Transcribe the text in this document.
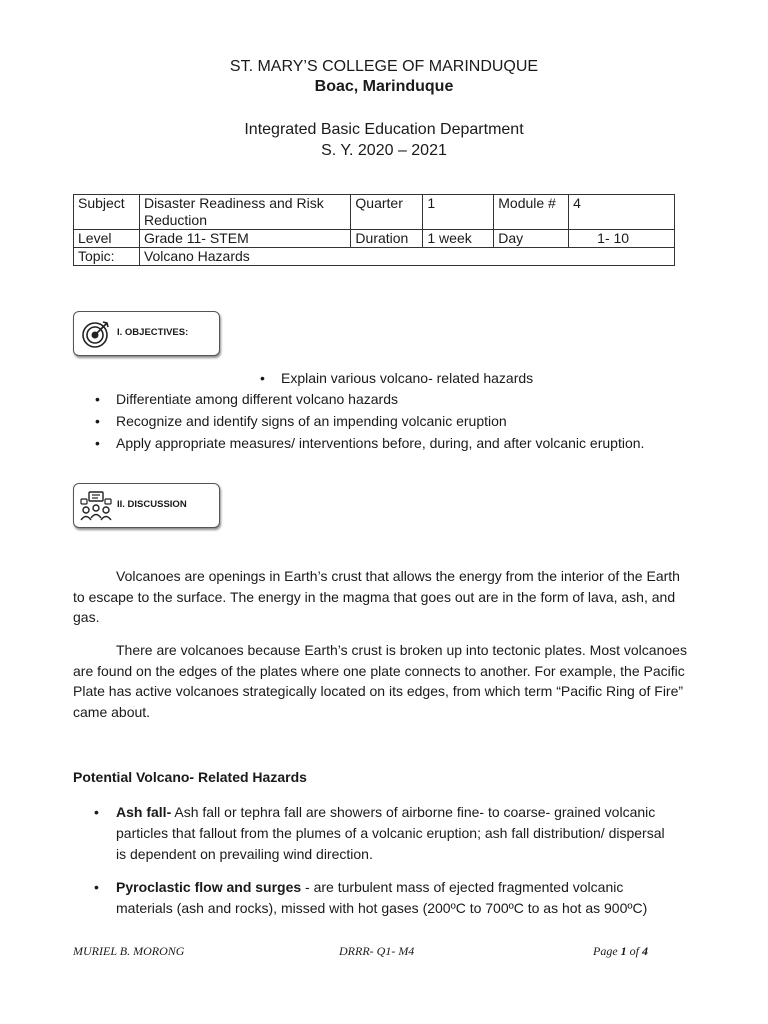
ST. MARY’S COLLEGE OF MARINDUQUE
Boac, Marinduque
Integrated Basic Education Department
S. Y. 2020 – 2021
Subject	Disaster Readiness and Risk Reduction	Quarter	1	Module #	4
Level	Grade 11- STEM	Duration	1 week	Day	1- 10
Topic:	Volcano Hazards				
I. OBJECTIVES:
• Explain various volcano- related hazards
• Differentiate among different volcano hazards
• Recognize and identify signs of an impending volcanic eruption
• Apply appropriate measures/ interventions before, during, and after volcanic eruption.
II. DISCUSSION
Volcanoes are openings in Earth’s crust that allows the energy from the interior of the Earth to escape to the surface. The energy in the magma that goes out are in the form of lava, ash, and gas.
There are volcanoes because Earth’s crust is broken up into tectonic plates. Most volcanoes are found on the edges of the plates where one plate connects to another. For example, the Pacific Plate has active volcanoes strategically located on its edges, from which term “Pacific Ring of Fire” came about.
Potential Volcano- Related Hazards
• Ash fall- Ash fall or tephra fall are showers of airborne fine- to coarse- grained volcanic particles that fallout from the plumes of a volcanic eruption; ash fall distribution/ dispersal is dependent on prevailing wind direction.
• Pyroclastic flow and surges - are turbulent mass of ejected fragmented volcanic materials (ash and rocks), missed with hot gases (200ºC to 700ºC to as hot as 900ºC)
MURIEL B. MORONG	DRRR- Q1- M4	Page 1 of 4
